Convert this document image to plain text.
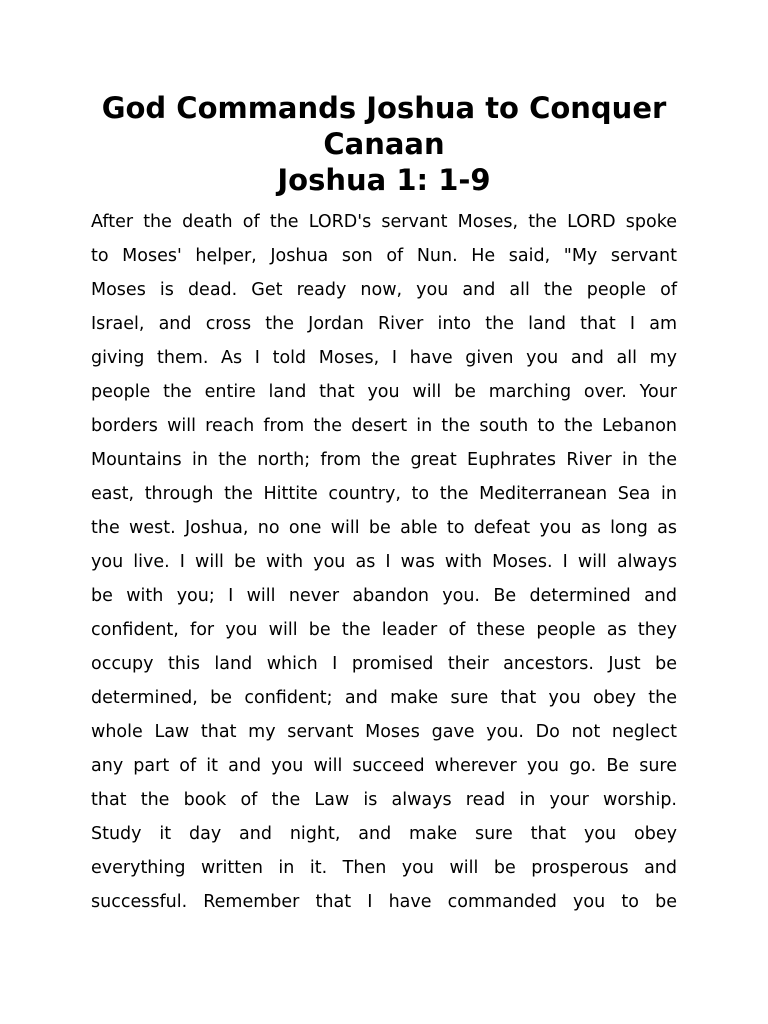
God Commands Joshua to Conquer
Canaan
Joshua 1: 1-9
After the death of the LORD's servant Moses, the LORD spoke
to Moses' helper, Joshua son of Nun. He said, "My servant
Moses is dead. Get ready now, you and all the people of
Israel, and cross the Jordan River into the land that I am
giving them. As I told Moses, I have given you and all my
people the entire land that you will be marching over. Your
borders will reach from the desert in the south to the Lebanon
Mountains in the north; from the great Euphrates River in the
east, through the Hittite country, to the Mediterranean Sea in
the west. Joshua, no one will be able to defeat you as long as
you live. I will be with you as I was with Moses. I will always
be with you; I will never abandon you. Be determined and
confident, for you will be the leader of these people as they
occupy this land which I promised their ancestors. Just be
determined, be confident; and make sure that you obey the
whole Law that my servant Moses gave you. Do not neglect
any part of it and you will succeed wherever you go. Be sure
that the book of the Law is always read in your worship.
Study it day and night, and make sure that you obey
everything written in it. Then you will be prosperous and
successful. Remember that I have commanded you to be
